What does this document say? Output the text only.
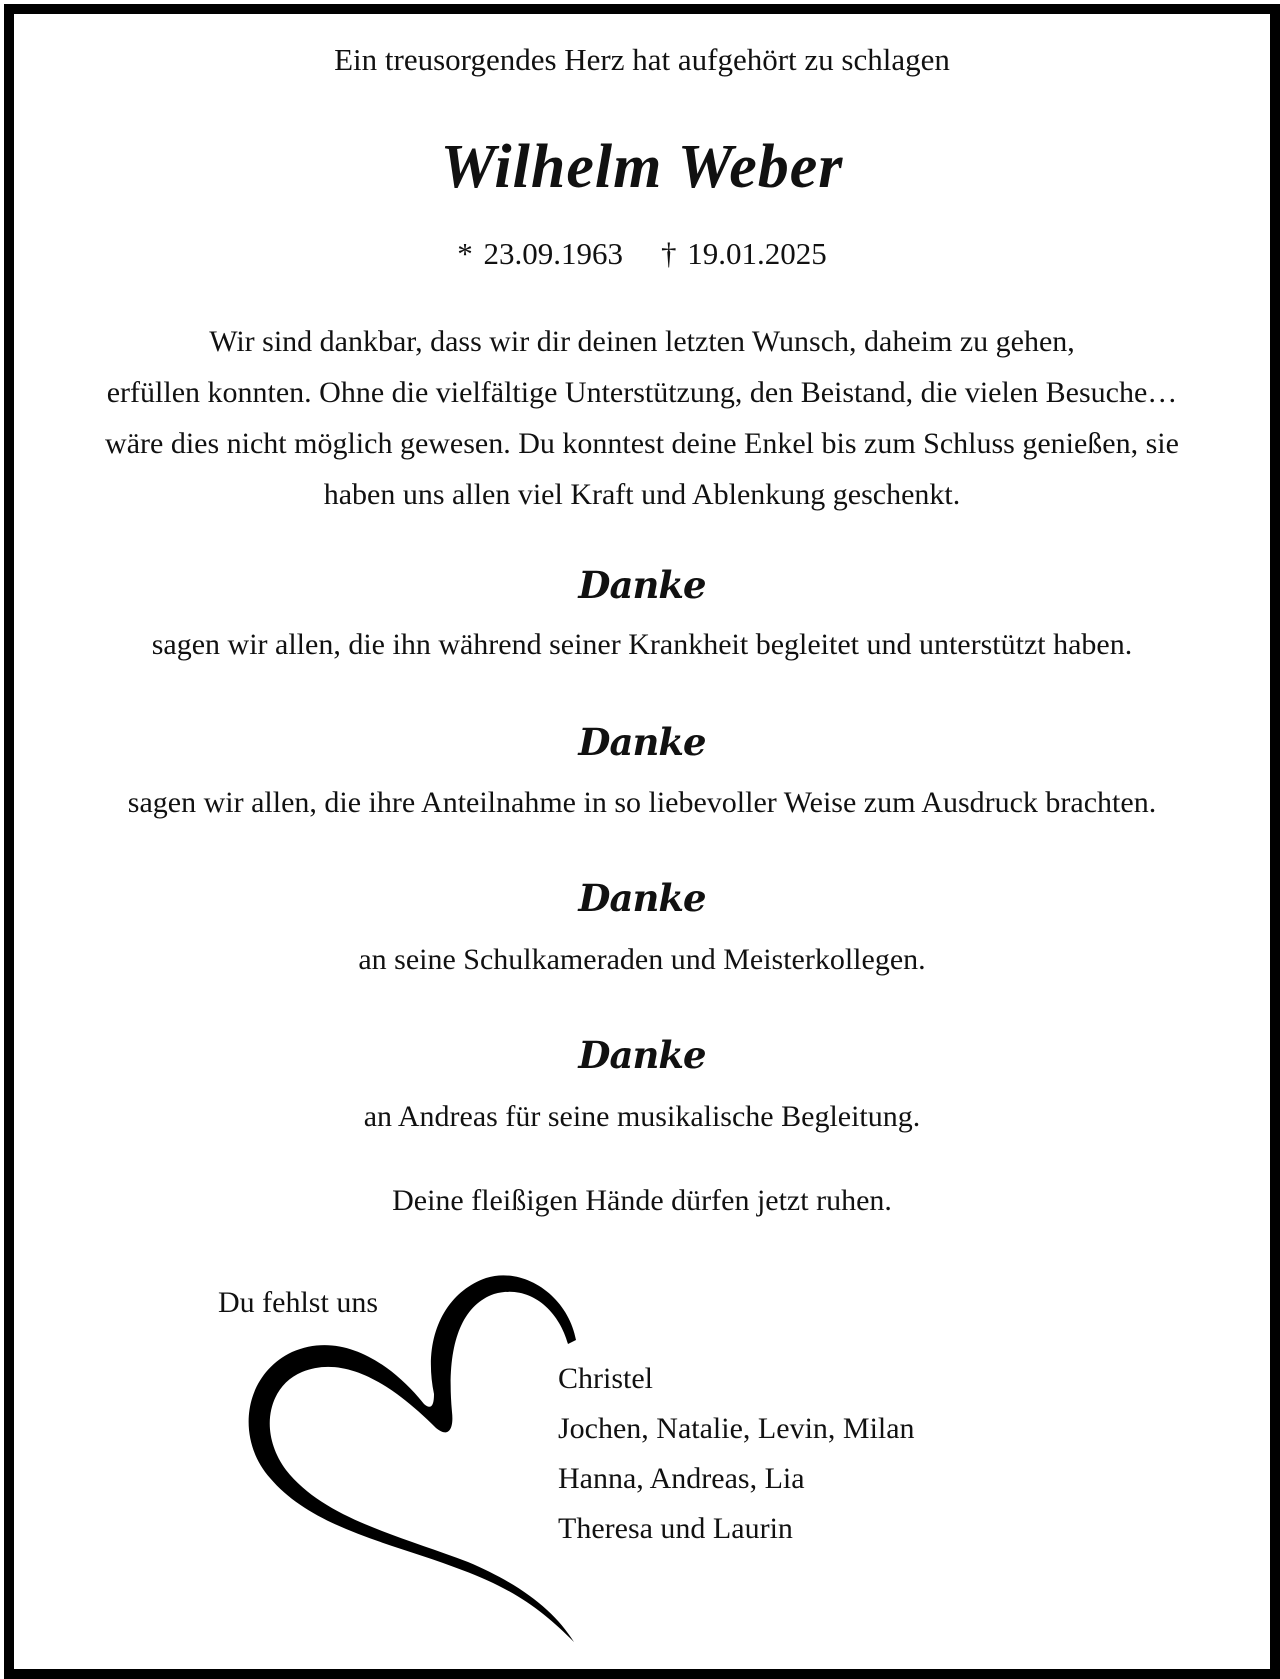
Ein treusorgendes Herz hat aufgehört zu schlagen
Wilhelm Weber
* 23.09.1963 † 19.01.2025
Wir sind dankbar, dass wir dir deinen letzten Wunsch, daheim zu gehen,
erfüllen konnten. Ohne die vielfältige Unterstützung, den Beistand, die vielen Besuche…
wäre dies nicht möglich gewesen. Du konntest deine Enkel bis zum Schluss genießen, sie
haben uns allen viel Kraft und Ablenkung geschenkt.
Danke
sagen wir allen, die ihn während seiner Krankheit begleitet und unterstützt haben.
Danke
sagen wir allen, die ihre Anteilnahme in so liebevoller Weise zum Ausdruck brachten.
Danke
an seine Schulkameraden und Meisterkollegen.
Danke
an Andreas für seine musikalische Begleitung.
Deine fleißigen Hände dürfen jetzt ruhen.
Du fehlst uns
Christel
Jochen, Natalie, Levin, Milan
Hanna, Andreas, Lia
Theresa und Laurin
